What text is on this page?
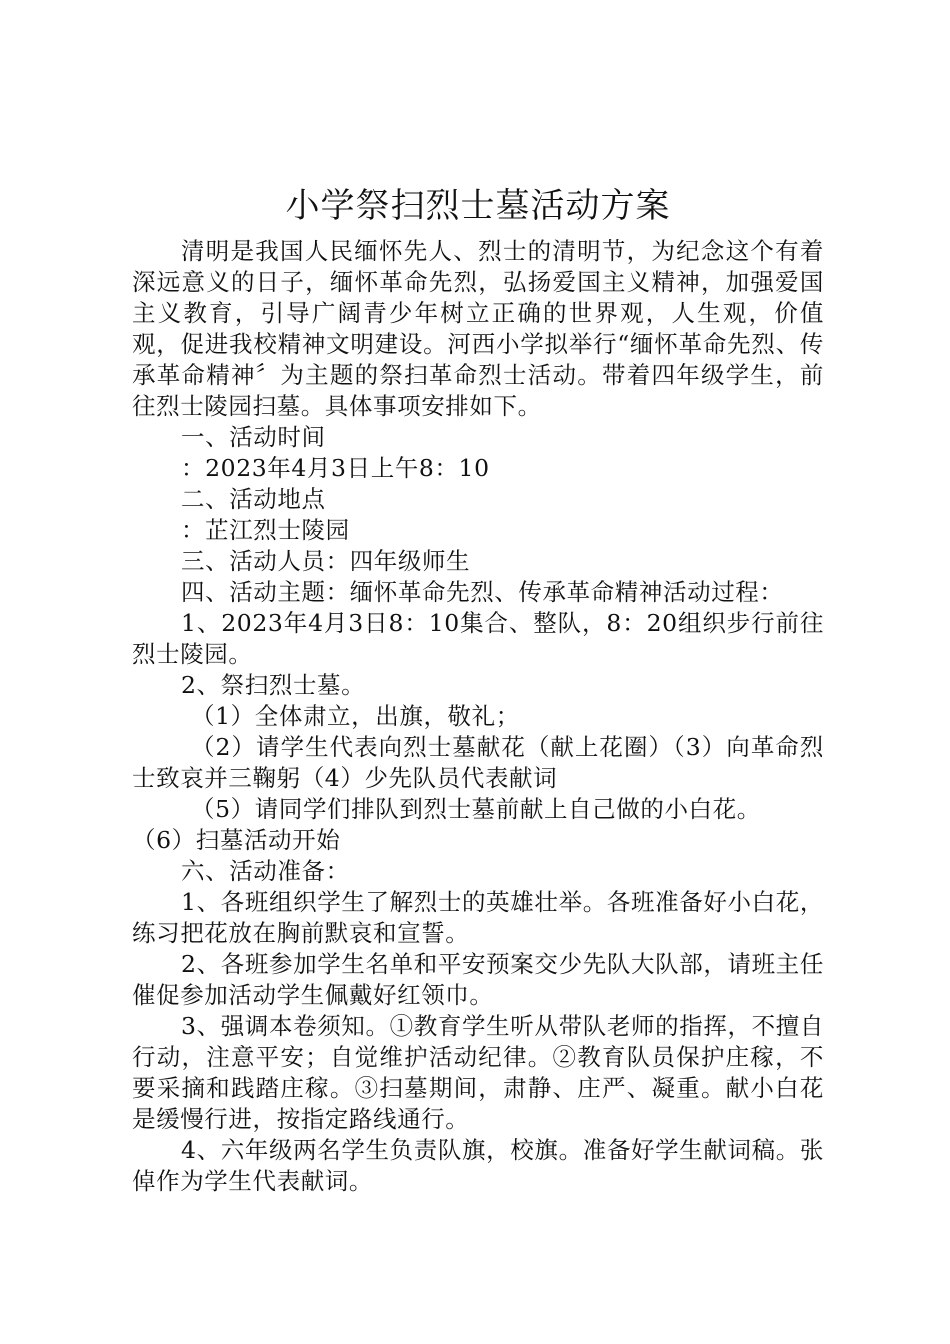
小学祭扫烈士墓活动方案

清明是我国人民缅怀先人、烈士的清明节，为纪念这个有着深远意义的日子，缅怀革命先烈，弘扬爱国主义精神，加强爱国主义教育，引导广阔青少年树立正确的世界观，人生观，价值观，促进我校精神文明建设。河西小学拟举行“缅怀革命先烈、传承革命精神〞为主题的祭扫革命烈士活动。带着四年级学生，前往烈士陵园扫墓。具体事项安排如下。

一、活动时间

：2023年4月3日上午8：10

二、活动地点

：芷江烈士陵园

三、活动人员：四年级师生

四、活动主题：缅怀革命先烈、传承革命精神活动过程：

1、2023年4月3日8：10集合、整队，8：20组织步行前往烈士陵园。

2、祭扫烈士墓。

（1）全体肃立，出旗，敬礼；

（2）请学生代表向烈士墓献花（献上花圈）（3）向革命烈士致哀并三鞠躬（4）少先队员代表献词

（5）请同学们排队到烈士墓前献上自己做的小白花。

（6）扫墓活动开始

六、活动准备：

1、各班组织学生了解烈士的英雄壮举。各班准备好小白花，练习把花放在胸前默哀和宣誓。

2、各班参加学生名单和平安预案交少先队大队部，请班主任催促参加活动学生佩戴好红领巾。

3、强调本卷须知。①教育学生听从带队老师的指挥，不擅自行动，注意平安；自觉维护活动纪律。②教育队员保护庄稼，不要采摘和践踏庄稼。③扫墓期间，肃静、庄严、凝重。献小白花是缓慢行进，按指定路线通行。

4、六年级两名学生负责队旗，校旗。准备好学生献词稿。张倬作为学生代表献词。
